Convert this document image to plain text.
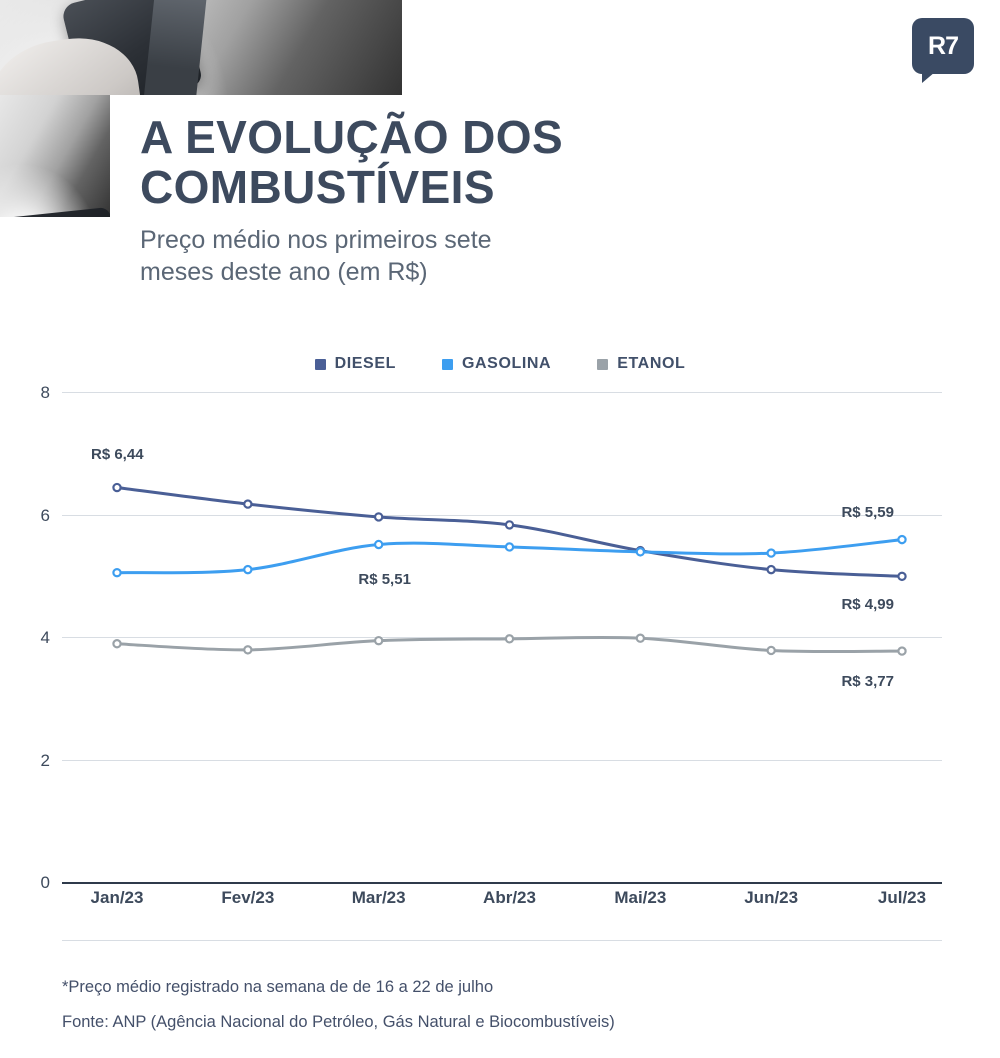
R7
A EVOLUÇÃO DOS
COMBUSTÍVEIS

Preço médio nos primeiros sete
meses deste ano (em R$)

DIESEL	GASOLINA	ETANOL
0
2
4
6
8
R$ 6,44
R$ 5,51
R$ 5,59
R$ 4,99
R$ 3,77
Jan/23	Fev/23	Mar/23	Abr/23	Mai/23	Jun/23	Jul/23
*Preço médio registrado na semana de de 16 a 22 de julho
Fonte: ANP (Agência Nacional do Petróleo, Gás Natural e Biocombustíveis)
